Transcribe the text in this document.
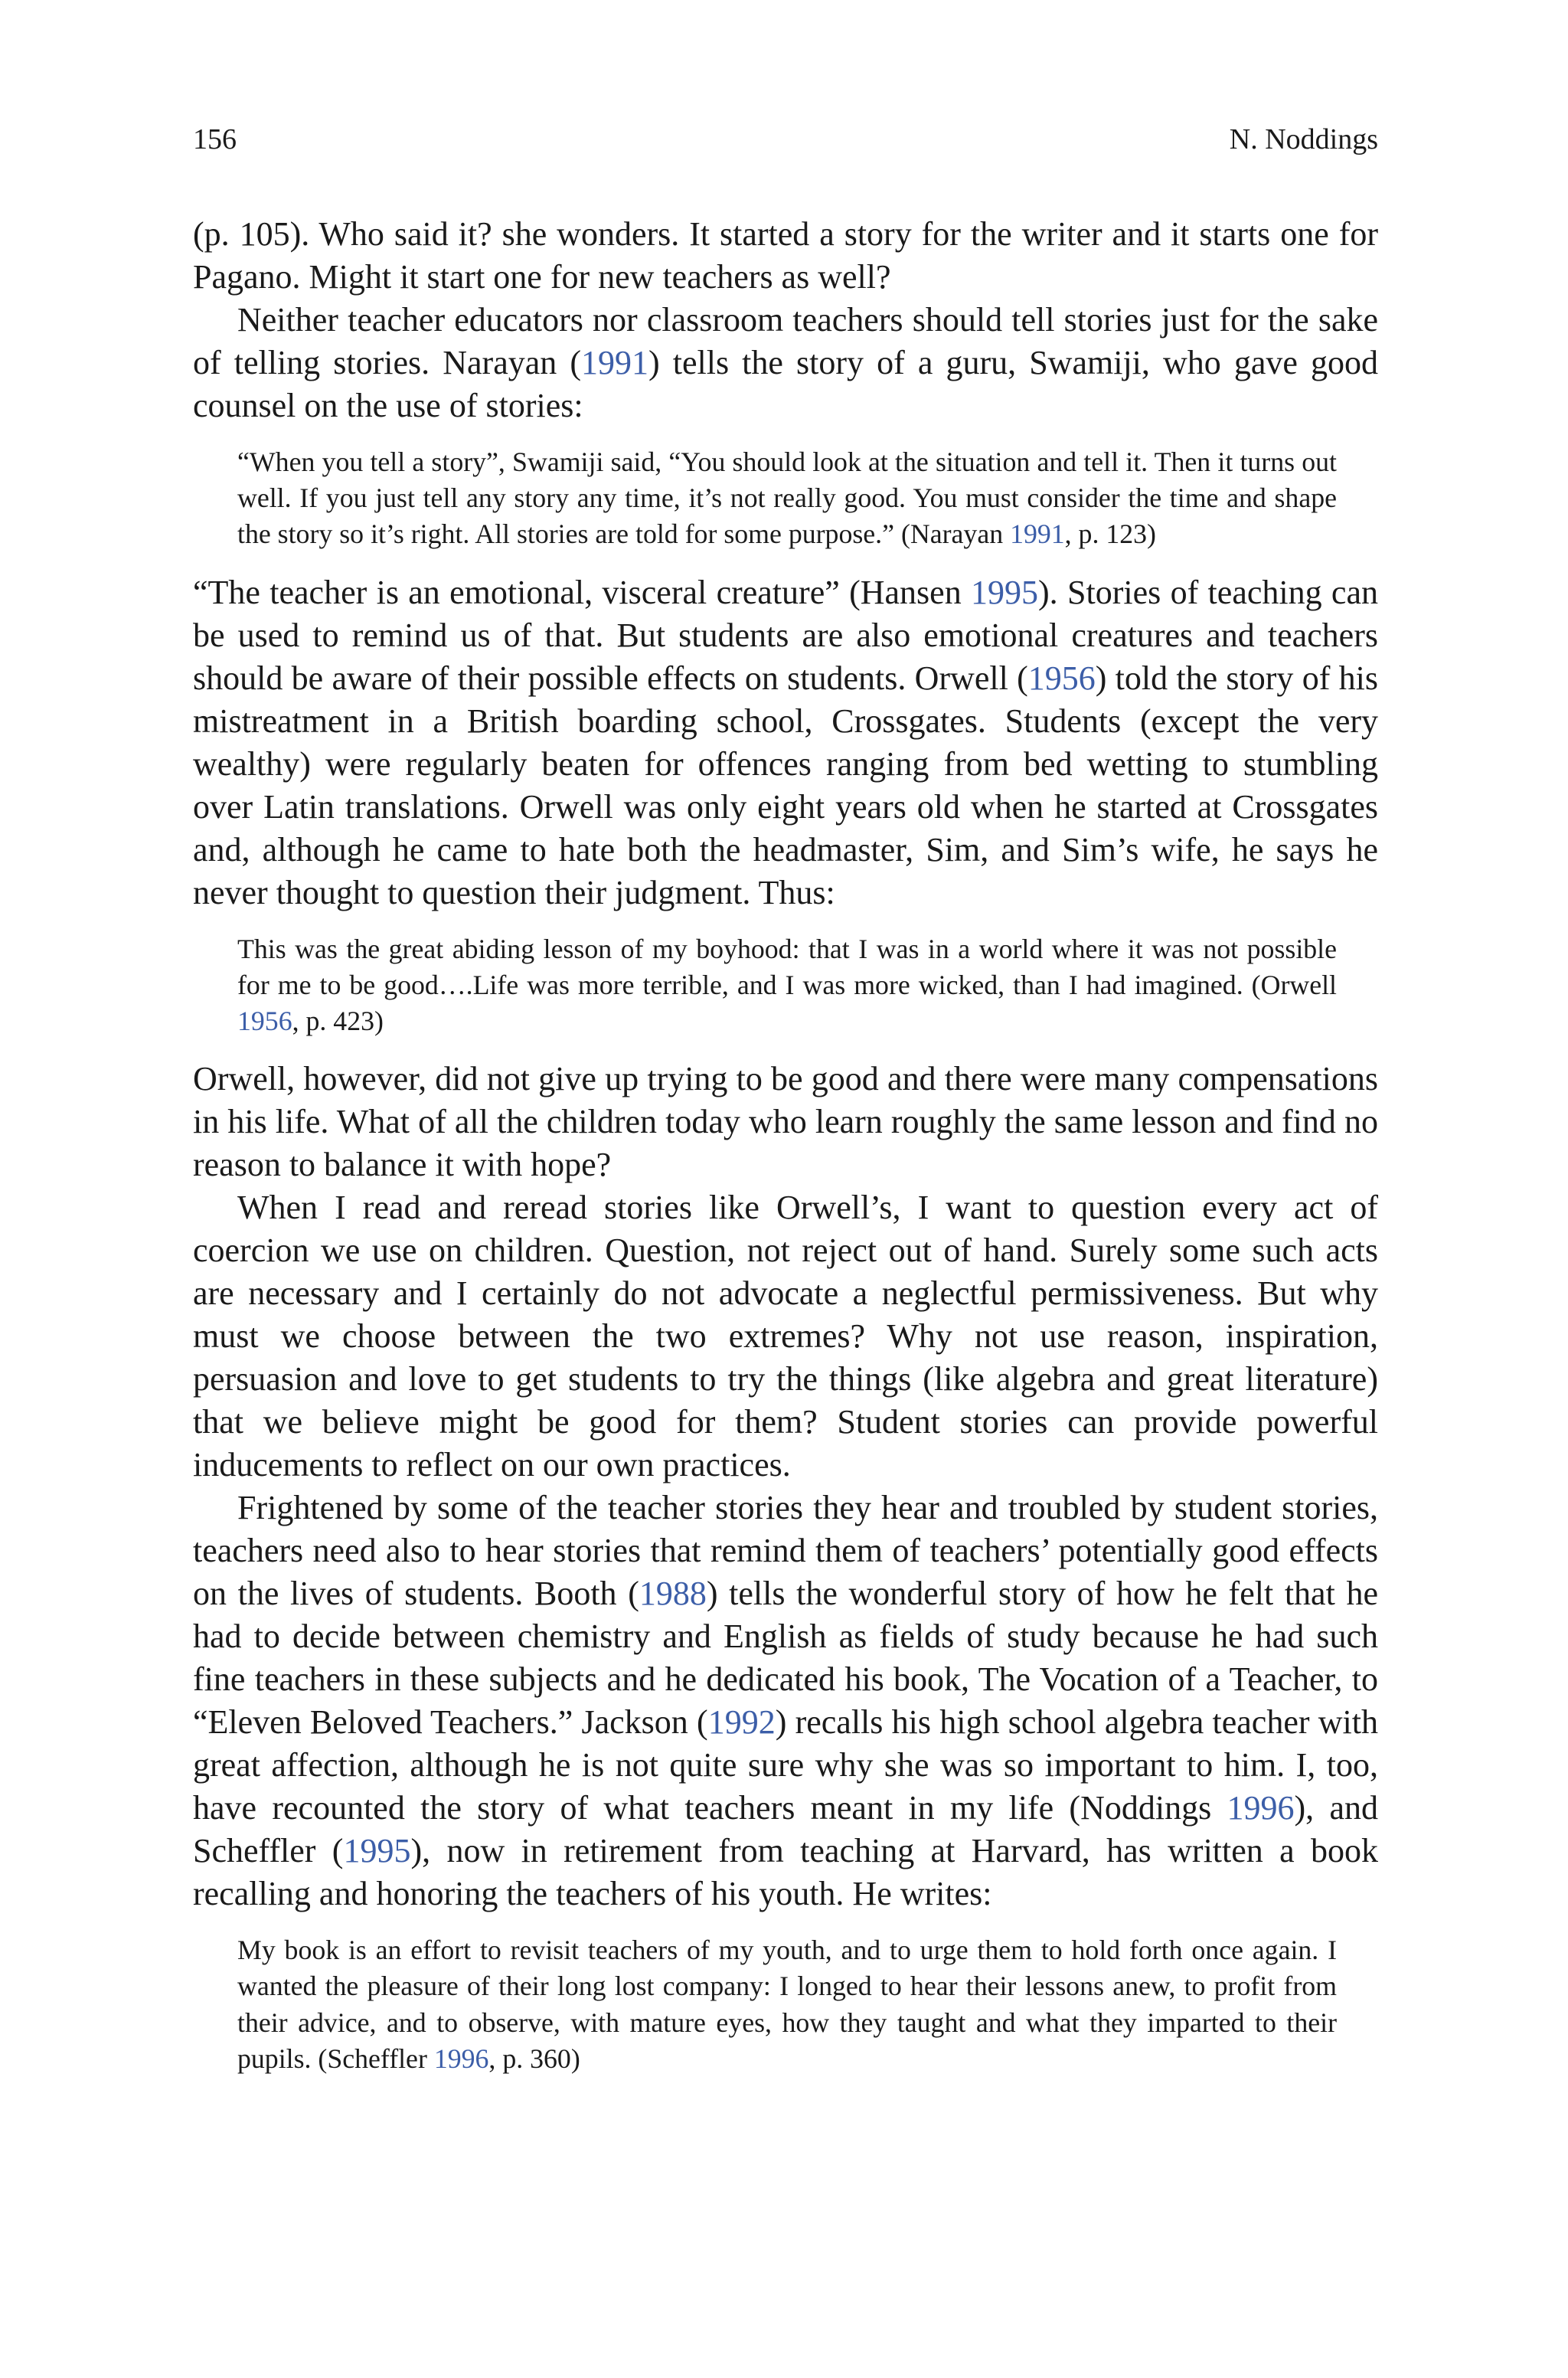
156	N. Noddings

(p. 105). Who said it? she wonders. It started a story for the writer and it starts one for Pagano. Might it start one for new teachers as well?

Neither teacher educators nor classroom teachers should tell stories just for the sake of telling stories. Narayan (1991) tells the story of a guru, Swamiji, who gave good counsel on the use of stories:

“When you tell a story”, Swamiji said, “You should look at the situation and tell it. Then it turns out well. If you just tell any story any time, it’s not really good. You must consider the time and shape the story so it’s right. All stories are told for some purpose.” (Narayan 1991, p. 123)

“The teacher is an emotional, visceral creature” (Hansen 1995). Stories of teaching can be used to remind us of that. But students are also emotional creatures and teachers should be aware of their possible effects on students. Orwell (1956) told the story of his mistreatment in a British boarding school, Crossgates. Students (except the very wealthy) were regularly beaten for offences ranging from bed wetting to stumbling over Latin translations. Orwell was only eight years old when he started at Crossgates and, although he came to hate both the headmaster, Sim, and Sim’s wife, he says he never thought to question their judgment. Thus:

This was the great abiding lesson of my boyhood: that I was in a world where it was not possible for me to be good….Life was more terrible, and I was more wicked, than I had imagined. (Orwell 1956, p. 423)

Orwell, however, did not give up trying to be good and there were many compensations in his life. What of all the children today who learn roughly the same lesson and find no reason to balance it with hope?

When I read and reread stories like Orwell’s, I want to question every act of coercion we use on children. Question, not reject out of hand. Surely some such acts are necessary and I certainly do not advocate a neglectful permissiveness. But why must we choose between the two extremes? Why not use reason, inspiration, persuasion and love to get students to try the things (like algebra and great literature) that we believe might be good for them? Student stories can provide powerful inducements to reflect on our own practices.

Frightened by some of the teacher stories they hear and troubled by student stories, teachers need also to hear stories that remind them of teachers’ potentially good effects on the lives of students. Booth (1988) tells the wonderful story of how he felt that he had to decide between chemistry and English as fields of study because he had such fine teachers in these subjects and he dedicated his book, The Vocation of a Teacher, to “Eleven Beloved Teachers.” Jackson (1992) recalls his high school algebra teacher with great affection, although he is not quite sure why she was so important to him. I, too, have recounted the story of what teachers meant in my life (Noddings 1996), and Scheffler (1995), now in retirement from teaching at Harvard, has written a book recalling and honoring the teachers of his youth. He writes:

My book is an effort to revisit teachers of my youth, and to urge them to hold forth once again. I wanted the pleasure of their long lost company: I longed to hear their lessons anew, to profit from their advice, and to observe, with mature eyes, how they taught and what they imparted to their pupils. (Scheffler 1996, p. 360)
